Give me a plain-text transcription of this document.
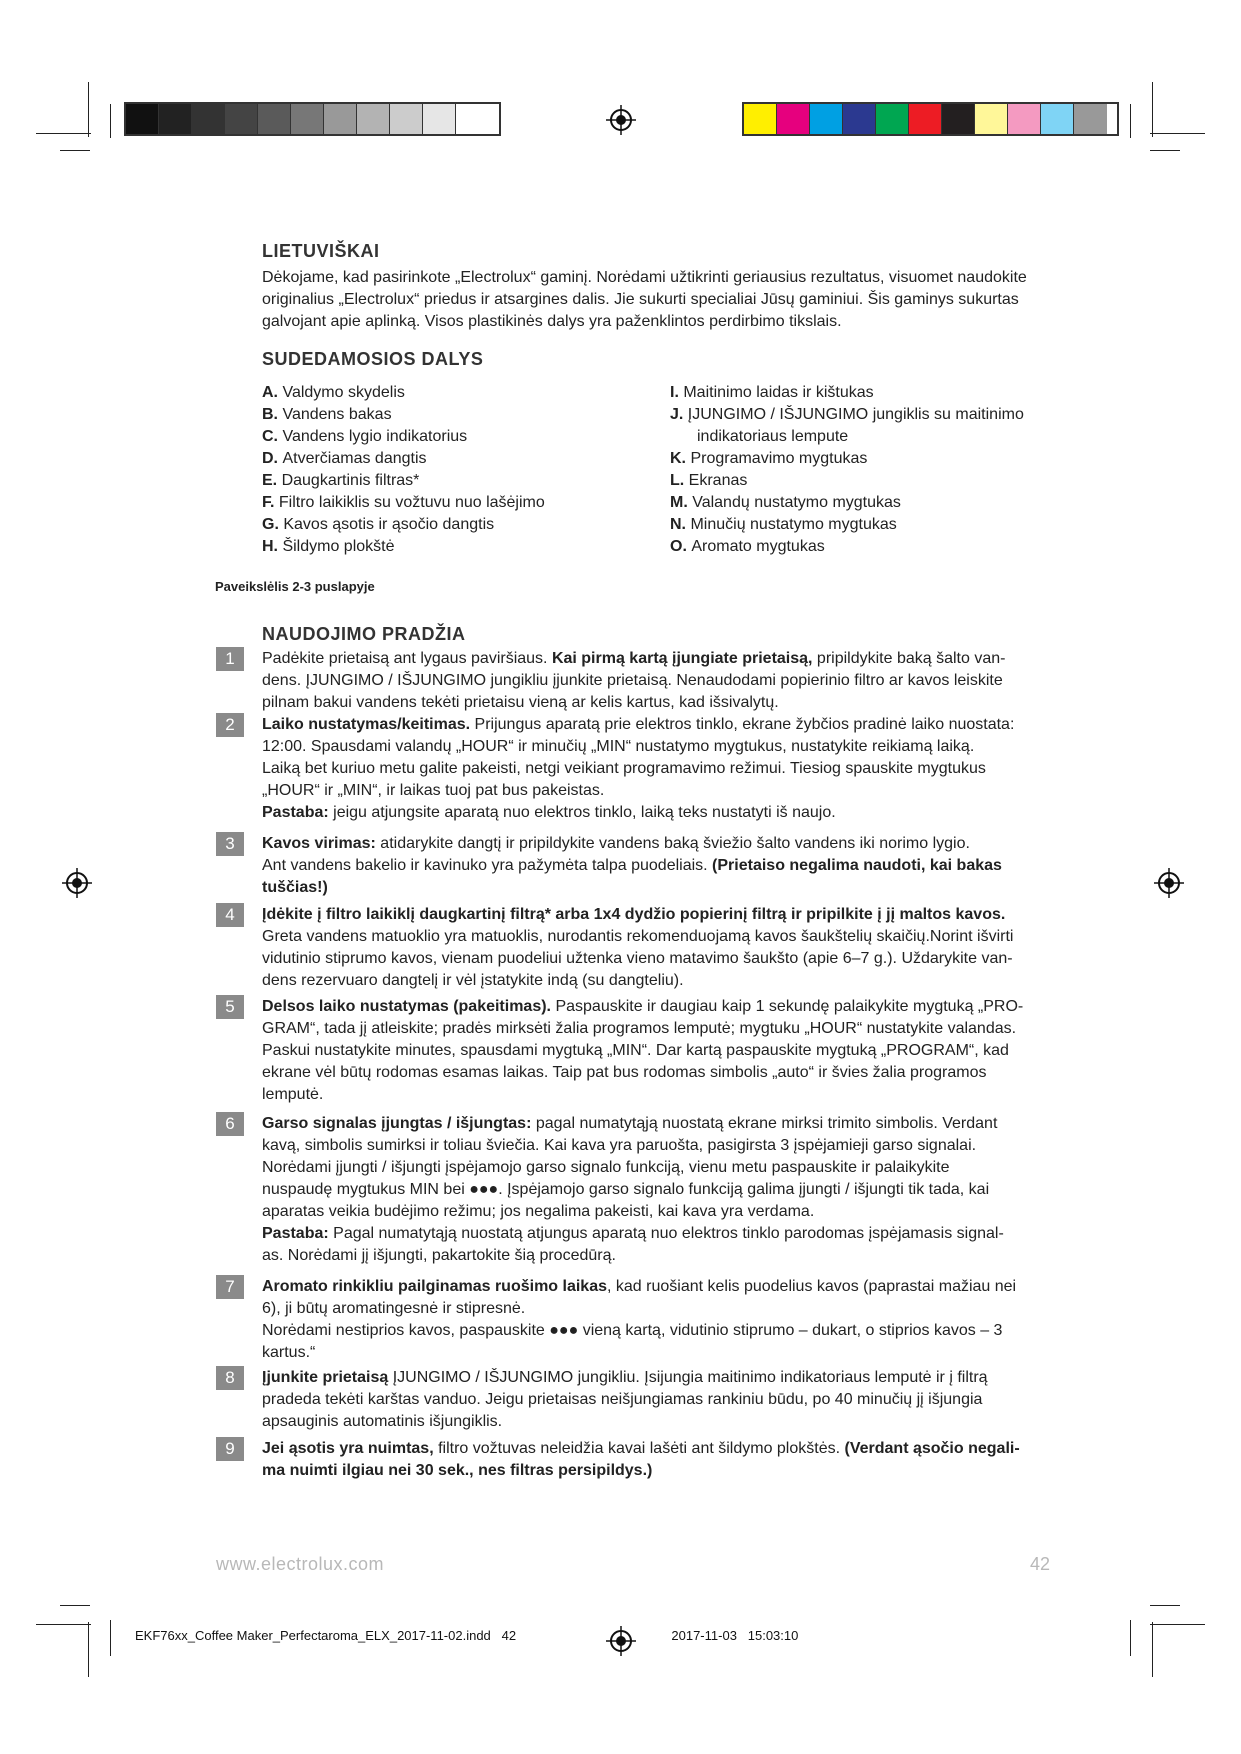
LIETUVIŠKAI
Dėkojame, kad pasirinkote „Electrolux“ gaminį. Norėdami užtikrinti geriausius rezultatus, visuomet naudokite originalius „Electrolux“ priedus ir atsargines dalis. Jie sukurti specialiai Jūsų gaminiui. Šis gaminys sukurtas galvojant apie aplinką. Visos plastikinės dalys yra paženklintos perdirbimo tikslais.
SUDEDAMOSIOS DALYS
A. Valdymo skydelis
B. Vandens bakas
C. Vandens lygio indikatorius
D. Atverčiamas dangtis
E. Daugkartinis filtras*
F. Filtro laikiklis su vožtuvu nuo lašėjimo
G. Kavos ąsotis ir ąsočio dangtis
H. Šildymo plokštė
I. Maitinimo laidas ir kištukas
J. ĮJUNGIMO / IŠJUNGIMO jungiklis su maitinimo
indikatoriaus lempute
K. Programavimo mygtukas
L. Ekranas
M. Valandų nustatymo mygtukas
N. Minučių nustatymo mygtukas
O. Aromato mygtukas
Paveikslėlis 2-3 puslapyje
NAUDOJIMO PRADŽIA
1	Padėkite prietaisą ant lygaus paviršiaus. Kai pirmą kartą įjungiate prietaisą, pripildykite baką šalto van-
dens. ĮJUNGIMO / IŠJUNGIMO jungikliu įjunkite prietaisą. Nenaudodami popierinio filtro ar kavos leiskite
pilnam bakui vandens tekėti prietaisu vieną ar kelis kartus, kad išsivalytų.
2	Laiko nustatymas/keitimas. Prijungus aparatą prie elektros tinklo, ekrane žybčios pradinė laiko nuostata:
12:00. Spausdami valandų „HOUR“ ir minučių „MIN“ nustatymo mygtukus, nustatykite reikiamą laiką.
Laiką bet kuriuo metu galite pakeisti, netgi veikiant programavimo režimui. Tiesiog spauskite mygtukus
„HOUR“ ir „MIN“, ir laikas tuoj pat bus pakeistas.
Pastaba: jeigu atjungsite aparatą nuo elektros tinklo, laiką teks nustatyti iš naujo.
3	Kavos virimas: atidarykite dangtį ir pripildykite vandens baką šviežio šalto vandens iki norimo lygio.
Ant vandens bakelio ir kavinuko yra pažymėta talpa puodeliais. (Prietaiso negalima naudoti, kai bakas
tuščias!)
4	Įdėkite į filtro laikiklį daugkartinį filtrą* arba 1x4 dydžio popierinį filtrą ir pripilkite į jį maltos kavos.
Greta vandens matuoklio yra matuoklis, nurodantis rekomenduojamą kavos šaukštelių skaičių.Norint išvirti
vidutinio stiprumo kavos, vienam puodeliui užtenka vieno matavimo šaukšto (apie 6–7 g.). Uždarykite van-
dens rezervuaro dangtelį ir vėl įstatykite indą (su dangteliu).
5	Delsos laiko nustatymas (pakeitimas). Paspauskite ir daugiau kaip 1 sekundę palaikykite mygtuką „PRO-
GRAM“, tada jį atleiskite; pradės mirksėti žalia programos lemputė; mygtuku „HOUR“ nustatykite valandas.
Paskui nustatykite minutes, spausdami mygtuką „MIN“. Dar kartą paspauskite mygtuką „PROGRAM“, kad
ekrane vėl būtų rodomas esamas laikas. Taip pat bus rodomas simbolis „auto“ ir švies žalia programos
lemputė.
6	Garso signalas įjungtas / išjungtas: pagal numatytąją nuostatą ekrane mirksi trimito simbolis. Verdant
kavą, simbolis sumirksi ir toliau šviečia. Kai kava yra paruošta, pasigirsta 3 įspėjamieji garso signalai.
Norėdami įjungti / išjungti įspėjamojo garso signalo funkciją, vienu metu paspauskite ir palaikykite
nuspaudę mygtukus MIN bei ●●●. Įspėjamojo garso signalo funkciją galima įjungti / išjungti tik tada, kai
aparatas veikia budėjimo režimu; jos negalima pakeisti, kai kava yra verdama.
Pastaba: Pagal numatytąją nuostatą atjungus aparatą nuo elektros tinklo parodomas įspėjamasis signal-
as. Norėdami jį išjungti, pakartokite šią procedūrą.
7	Aromato rinkikliu pailginamas ruošimo laikas, kad ruošiant kelis puodelius kavos (paprastai mažiau nei
6), ji būtų aromatingesnė ir stipresnė.
Norėdami nestiprios kavos, paspauskite ●●● vieną kartą, vidutinio stiprumo – dukart, o stiprios kavos – 3
kartus.“
8	Įjunkite prietaisą ĮJUNGIMO / IŠJUNGIMO jungikliu. Įsijungia maitinimo indikatoriaus lemputė ir į filtrą
pradeda tekėti karštas vanduo. Jeigu prietaisas neišjungiamas rankiniu būdu, po 40 minučių jį išjungia
apsauginis automatinis išjungiklis.
9	Jei ąsotis yra nuimtas, filtro vožtuvas neleidžia kavai lašėti ant šildymo plokštės. (Verdant ąsočio negali-
ma nuimti ilgiau nei 30 sek., nes filtras persipildys.)
www.electrolux.com	42
EKF76xx_Coffee Maker_Perfectaroma_ELX_2017-11-02.indd   42                                           2017-11-03   15:03:10
